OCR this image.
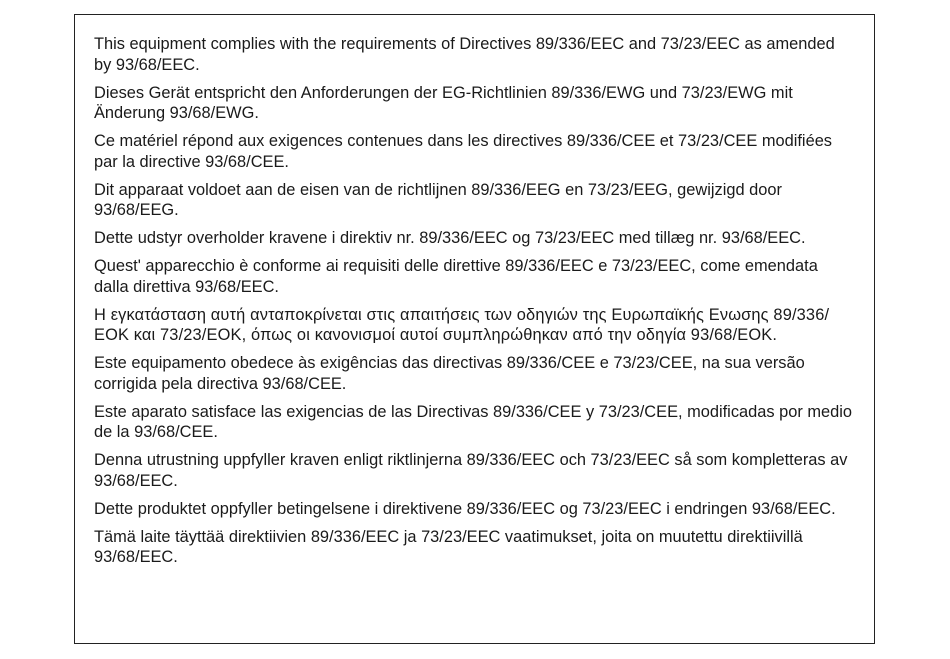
This equipment complies with the requirements of Directives 89/336/EEC and 73/23/EEC as amended by 93/68/EEC.

Dieses Gerät entspricht den Anforderungen der EG-Richtlinien 89/336/EWG und 73/23/EWG mit Änderung 93/68/EWG.

Ce matériel répond aux exigences contenues dans les directives 89/336/CEE et 73/23/CEE modifiées par la directive 93/68/CEE.

Dit apparaat voldoet aan de eisen van de richtlijnen 89/336/EEG en 73/23/EEG, gewijzigd door 93/68/EEG.

Dette udstyr overholder kravene i direktiv nr. 89/336/EEC og 73/23/EEC med tillæg nr. 93/68/EEC.

Quest' apparecchio è conforme ai requisiti delle direttive 89/336/EEC e 73/23/EEC, come emendata dalla direttiva 93/68/EEC.

Η εγκατάσταση αυτή ανταποκρίνεται στις απαιτήσεις των οδηγιών της Ευρωπαϊκής Ενωσης 89/336/ΕΟΚ και 73/23/ΕΟΚ, όπως οι κανονισμοί αυτοί συμπληρώθηκαν από την οδηγία 93/68/ΕΟΚ.

Este equipamento obedece às exigências das directivas 89/336/CEE e 73/23/CEE, na sua versão corrigida pela directiva 93/68/CEE.

Este aparato satisface las exigencias de las Directivas 89/336/CEE y 73/23/CEE, modificadas por medio de la 93/68/CEE.

Denna utrustning uppfyller kraven enligt riktlinjerna 89/336/EEC och 73/23/EEC så som kompletteras av 93/68/EEC.

Dette produktet oppfyller betingelsene i direktivene 89/336/EEC og 73/23/EEC i endringen 93/68/EEC.

Tämä laite täyttää direktiivien 89/336/EEC ja 73/23/EEC vaatimukset, joita on muutettu direktiivillä 93/68/EEC.
